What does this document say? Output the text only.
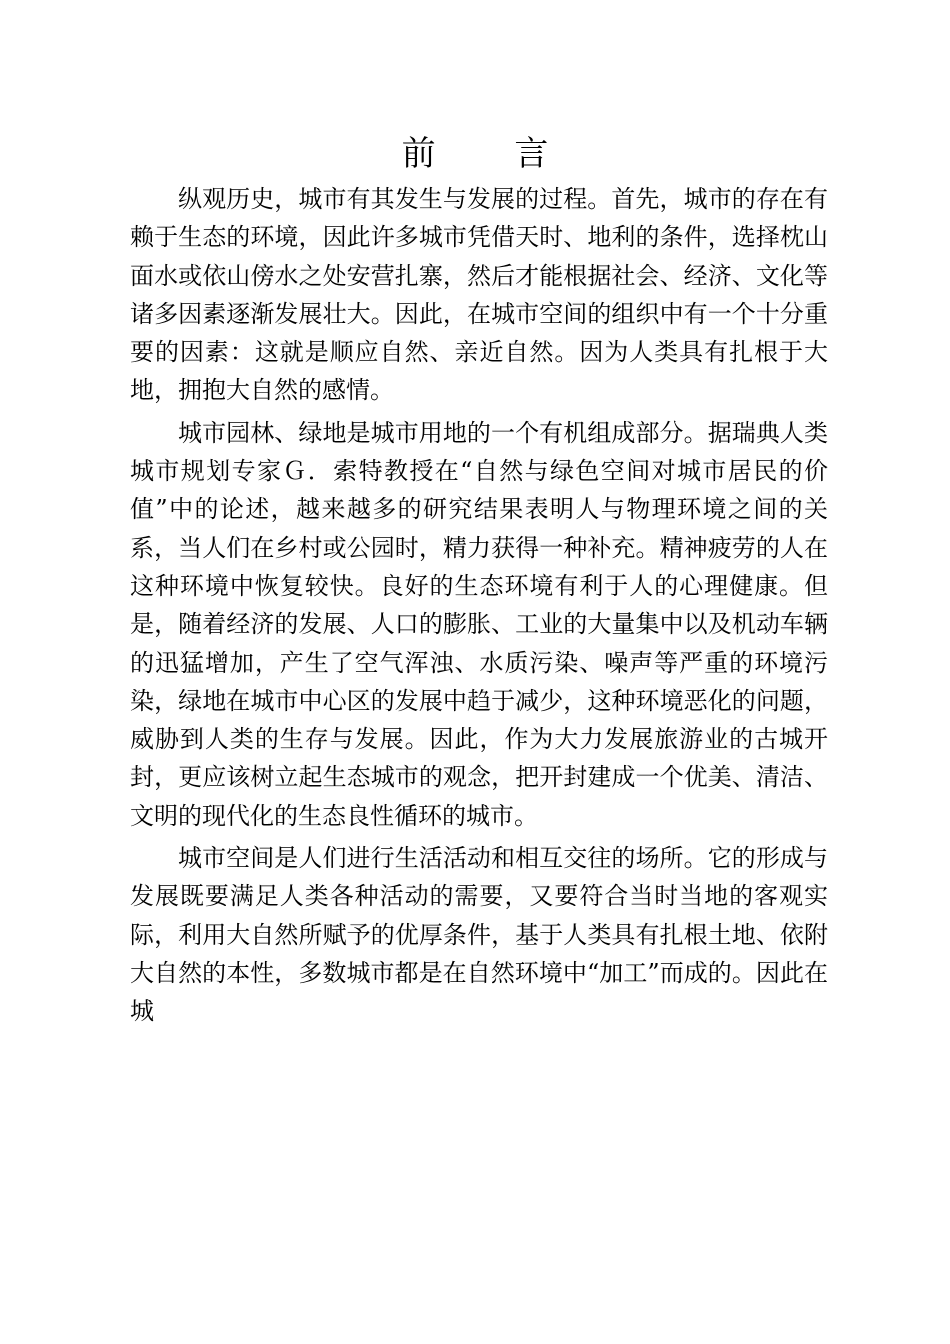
前 言

纵观历史，城市有其发生与发展的过程。首先，城市的存在有赖于生态的环境，因此许多城市凭借天时、地利的条件，选择枕山面水或依山傍水之处安营扎寨，然后才能根据社会、经济、文化等诸多因素逐渐发展壮大。因此，在城市空间的组织中有一个十分重要的因素：这就是顺应自然、亲近自然。因为人类具有扎根于大地，拥抱大自然的感情。

城市园林、绿地是城市用地的一个有机组成部分。据瑞典人类城市规划专家Ｇ．索特教授在“自然与绿色空间对城市居民的价值”中的论述，越来越多的研究结果表明人与物理环境之间的关系，当人们在乡村或公园时，精力获得一种补充。精神疲劳的人在这种环境中恢复较快。良好的生态环境有利于人的心理健康。但是，随着经济的发展、人口的膨胀、工业的大量集中以及机动车辆的迅猛增加，产生了空气浑浊、水质污染、噪声等严重的环境污染，绿地在城市中心区的发展中趋于减少，这种环境恶化的问题，威胁到人类的生存与发展。因此，作为大力发展旅游业的古城开封，更应该树立起生态城市的观念，把开封建成一个优美、清洁、文明的现代化的生态良性循环的城市。

城市空间是人们进行生活活动和相互交往的场所。它的形成与发展既要满足人类各种活动的需要，又要符合当时当地的客观实际，利用大自然所赋予的优厚条件，基于人类具有扎根土地、依附大自然的本性，多数城市都是在自然环境中“加工”而成的。因此在城
